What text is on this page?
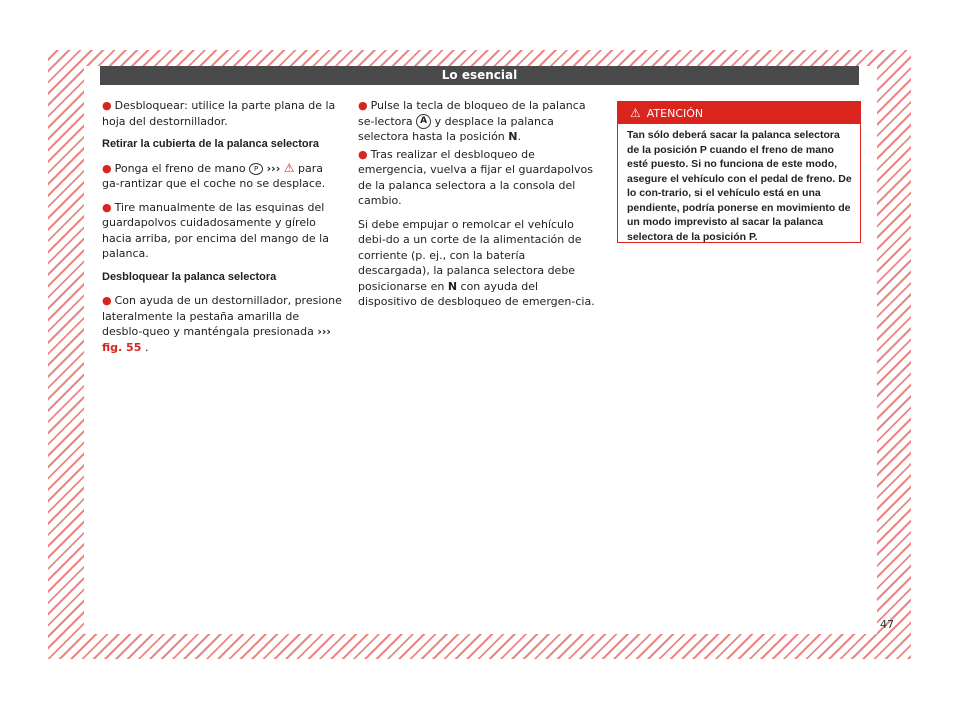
Lo esencial

● Desbloquear: utilice la parte plana de la hoja del destornillador.

Retirar la cubierta de la palanca selectora

● Ponga el freno de mano P ››› ⚠ para ga-rantizar que el coche no se desplace.

● Tire manualmente de las esquinas del guardapolvos cuidadosamente y gírelo hacia arriba, por encima del mango de la palanca.

Desbloquear la palanca selectora

● Con ayuda de un destornillador, presione lateralmente la pestaña amarilla de desblo-queo y manténgala presionada ››› fig. 55 .

● Pulse la tecla de bloqueo de la palanca se-lectora A y desplace la palanca selectora hasta la posición N.

● Tras realizar el desbloqueo de emergencia, vuelva a fijar el guardapolvos de la palanca selectora a la consola del cambio.

Si debe empujar o remolcar el vehículo debi-do a un corte de la alimentación de corriente (p. ej., con la batería descargada), la palanca selectora debe posicionarse en N con ayuda del dispositivo de desbloqueo de emergen-cia.

⚠ ATENCIÓN
Tan sólo deberá sacar la palanca selectora de la posición P cuando el freno de mano esté puesto. Si no funciona de este modo, asegure el vehículo con el pedal de freno. De lo con-trario, si el vehículo está en una pendiente, podría ponerse en movimiento de un modo imprevisto al sacar la palanca selectora de la posición P.
47
